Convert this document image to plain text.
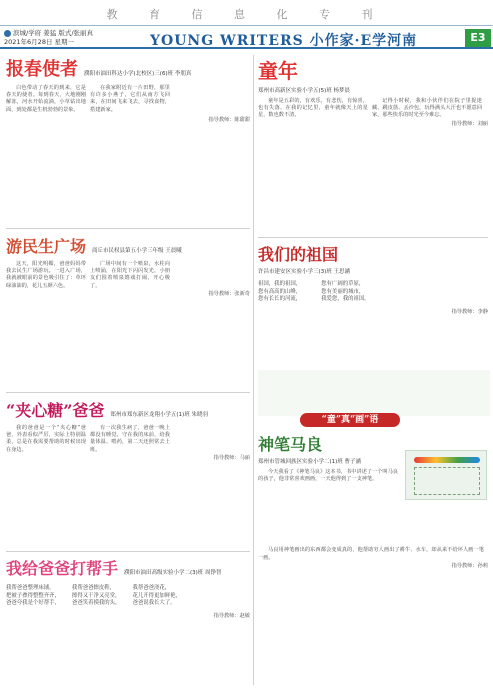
教 育 信 息 化 专 刊
滨城/学府 姜猛 版式/张丽真
2021年6月28日 星期一	YOUNG WRITERS 小作家·E学河南	E3
报春使者 濮阳市油田科达小学(北校区)三(6)班 李朋真
白色带动了春天的到来，它是春天的使者。每到春天，大地刚刚解冻，河水开始流淌，小草钻出地面，到处都是生机勃勃的景象。
在我家附近有一片田野，那里有许多小燕子，它们从南方飞回来，在田间飞来飞去，寻找食物，搭建新家。
指导教师：陈甜甜
游民生广场 商丘市民权县第五小学三年级 王晨曦
这天，阳光明媚，爸爸妈妈带我去民生广场游玩。一进入广场，我就被眼前的景色吸引住了：草坪绿油油的，花儿五颜六色。
广场中间有一个喷泉，水柱向上喷涌，在阳光下闪闪发光，小朋友们围着喷泉嬉戏打闹，开心极了。
指导教师：张新奇
“夹心糖”爸爸 郑州市郑东新区龙翔小学五(1)班 朱晓羽
我的爸爸是一个“夹心糖”爸爸，外表看似严厉，实际上特别温柔，总是在我需要帮助的时候出现在身边。
有一次我生病了，爸爸一晚上都没有睡觉，守在我的床前，给我量体温、喂药，第二天还照常去上班。
指导教师：马丽
我给爸爸打帮手 濮阳市油田高级实验小学二(3)班 周铮智
我帮爸爸整理床铺，
把被子叠得整整齐齐，
爸爸夸我是个好帮手，
我帮爸爸擦皮鞋，
擦得又干净又亮堂，
爸爸笑着摸我的头，
我帮爸爸浇花，
花儿开得更加鲜艳，
爸爸说我长大了。
指导教师：赵敏
童年
郑州市高新区实验小学五(5)班 杨梦晨
童年是五彩的，有欢乐，有悲伤，有惊喜，也有失落。在我的记忆里，童年就像天上的星星，数也数不清。
记得小时候，我和小伙伴们在院子里捉迷藏、跳皮筋、丢沙包，玩得满头大汗也不愿意回家，那些快乐的时光至今难忘。
指导教师：刘丽
我们的祖国
许昌市建安区实验小学三(3)班 王思涵
祖国，我的祖国，
您有高高的山峰，
您有长长的河流，
您有广阔的草原，
您有美丽的城市，
我爱您，我的祖国。
指导教师：李静
“童”真“画”语
神笔马良
郑州市管城回族区实验小学二(1)班 曹子涵
今天我看了《神笔马良》这本书，书中讲述了一个叫马良的孩子，他非常喜欢画画，一天他得到了一支神笔。
马良用神笔画出的东西都会变成真的，他帮助穷人画出了耕牛、水车，却从来不给坏人画一笔一画。
指导教师：孙莉
